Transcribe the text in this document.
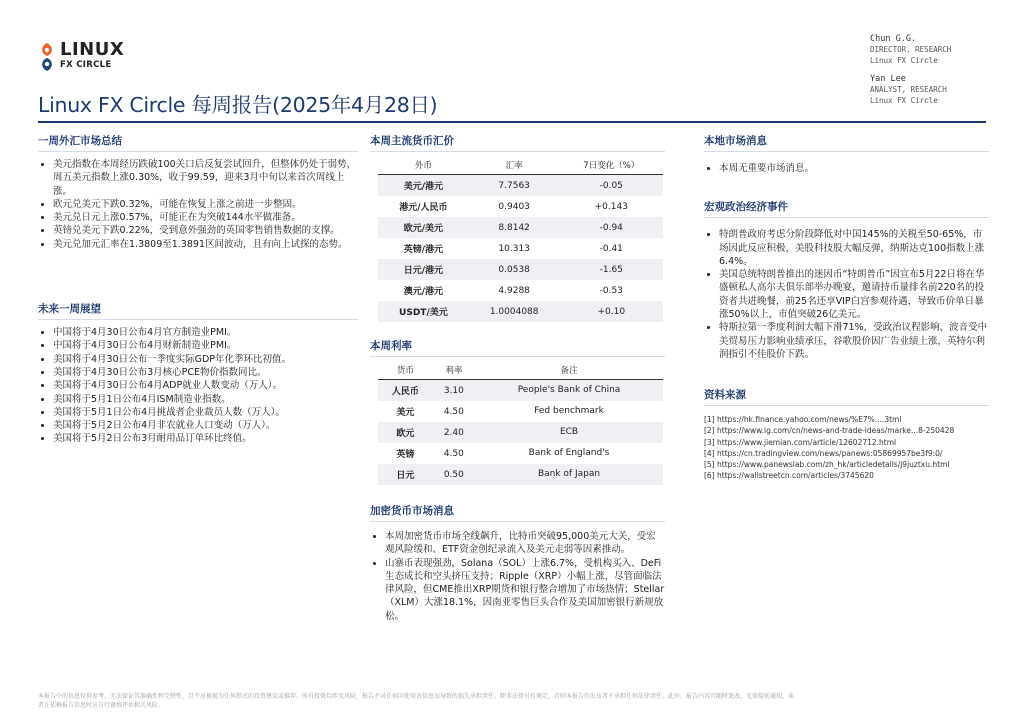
LINUX
FX CIRCLE
Chun G.G.
DIRECTOR, RESEARCH
Linux FX Circle
Yan Lee
ANALYST, RESEARCH
Linux FX Circle
Linux FX Circle 每周报告(2025年4月28日)
一周外汇市场总结
• 美元指数在本周经历跌破100关口后反复尝试回升，但整体仍处于弱势，周五美元指数上涨0.30%，收于99.59，迎来3月中旬以来首次周线上涨。
• 欧元兑美元下跌0.32%，可能在恢复上涨之前进一步整固。
• 美元兑日元上涨0.57%，可能正在为突破144水平做准备。
• 英镑兑美元下跌0.22%，受到意外强劲的英国零售销售数据的支撑。
• 美元兑加元汇率在1.3809至1.3891区间波动，且有向上试探的态势。
未来一周展望
• 中国将于4月30日公布4月官方制造业PMI。
• 中国将于4月30日公布4月财新制造业PMI。
• 美国将于4月30日公布一季度实际GDP年化季环比初值。
• 美国将于4月30日公布3月核心PCE物价指数同比。
• 美国将于4月30日公布4月ADP就业人数变动（万人）。
• 美国将于5月1日公布4月ISM制造业指数。
• 美国将于5月1日公布4月挑战者企业裁员人数（万人）。
• 美国将于5月2日公布4月非农就业人口变动（万人）。
• 美国将于5月2日公布3月耐用品订单环比终值。
本周主流货币汇价
外币	汇率	7日变化（%）
美元/港元	7.7563	-0.05
港元/人民币	0.9403	+0.143
欧元/美元	8.8142	-0.94
英镑/港元	10.313	-0.41
日元/港元	0.0538	-1.65
澳元/港元	4.9288	-0.53
USDT/美元	1.0004088	+0.10
本周利率
货币	利率	备注
人民币	3.10	People's Bank of China
美元	4.50	Fed benchmark
欧元	2.40	ECB
英镑	4.50	Bank of England's
日元	0.50	Bank of Japan
加密货币市场消息
• 本周加密货币市场全线飙升，比特币突破95,000美元大关，受宏观风险缓和、ETF资金创纪录流入及美元走弱等因素推动。
• 山寨币表现强劲，Solana（SOL）上涨6.7%，受机构买入、DeFi生态成长和空头挤压支持；Ripple（XRP）小幅上涨，尽管面临法律风险，但CME推出XRP期货和银行整合增加了市场热情；Stellar（XLM）大涨18.1%，因南亚零售巨头合作及美国加密银行新规放松。
本地市场消息
• 本周无重要市场消息。
宏观政治经济事件
• 特朗普政府考虑分阶段降低对中国145%的关税至50-65%，市场因此反应积极，美股科技股大幅反弹，纳斯达克100指数上涨6.4%。
• 美国总统特朗普推出的迷因币“特朗普币”因宣布5月22日将在华盛顿私人高尔夫俱乐部举办晚宴，邀请持币量排名前220名的投资者共进晚餐，前25名还享VIP白宫参观待遇，导致币价单日暴涨50%以上，市值突破26亿美元。
• 特斯拉第一季度利润大幅下滑71%，受政治议程影响，波音受中美贸易压力影响业绩承压，谷歌股价因广告业绩上涨，英特尔利润指引不佳股价下跌。
资料来源
[1] https://hk.finance.yahoo.com/news/%E7%....3tml
[2] https://www.ig.com/cn/news-and-trade-ideas/marke...8-250428
[3] https://www.jiemian.com/article/12602712.html
[4] https://cn.tradingview.com/news/panews:05869957be3f9:0/
[5] https://www.panewslab.com/zh_hk/articledetails/j9juztxu.html
[6] https://wallstreetcn.com/articles/3745620
本报告中的信息仅供参考，无法保证其准确性和完整性，且不应被视为任何形式的投资建议或推荐。所有投资均涉及风险，报告不对任何因使用该信息而导致的损失承担责任。除非法律另有规定，否则本报告的发布者不承担任何法律责任。此外，报告内容可随时更改，无需提前通知，读者在依赖报告信息时应自行谨慎评估相关风险。
